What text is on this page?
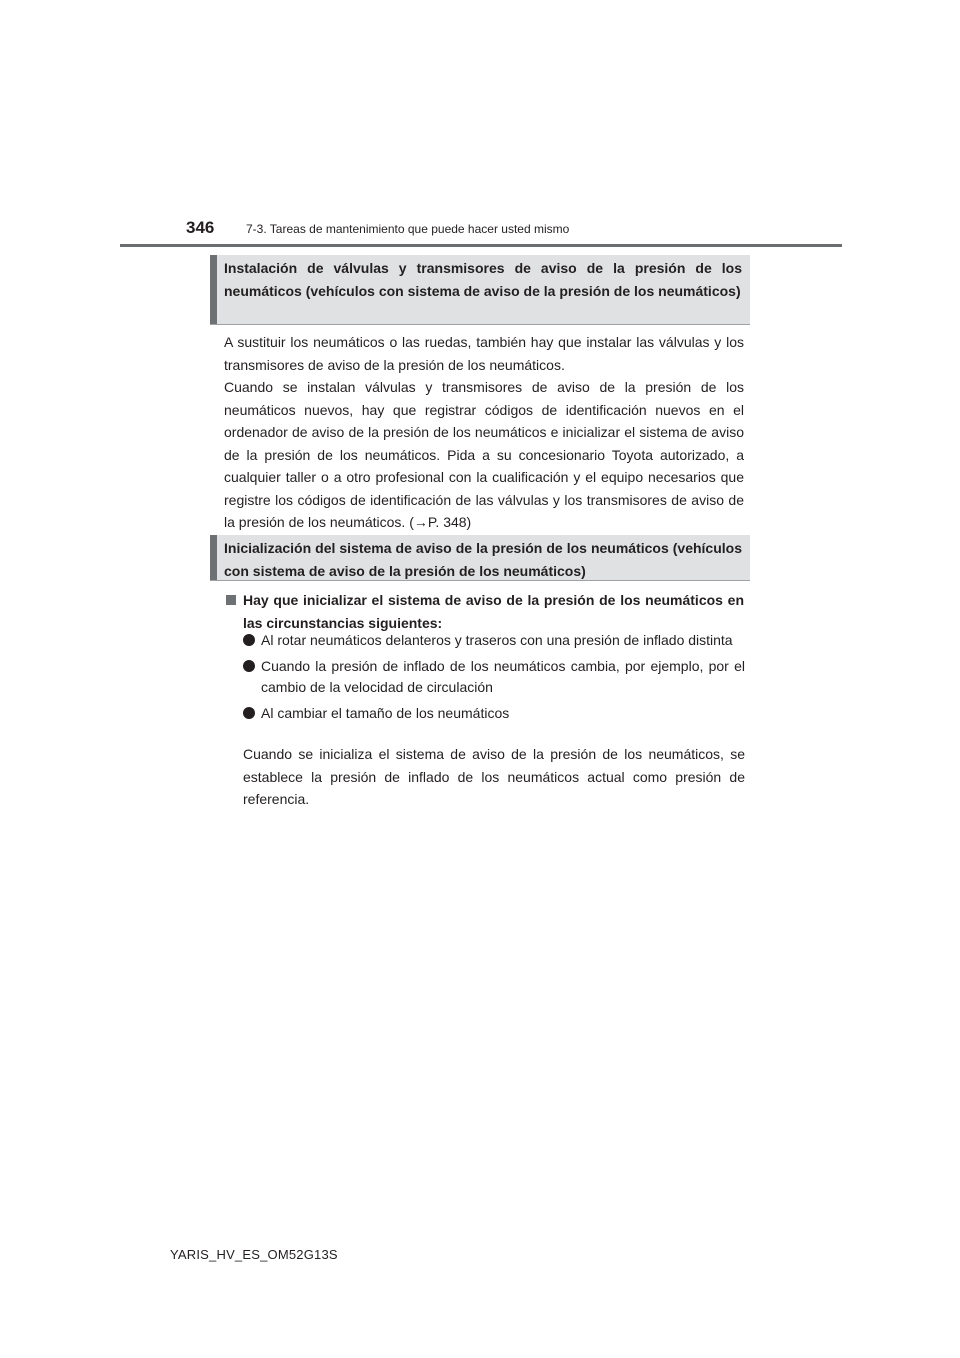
346	7-3. Tareas de mantenimiento que puede hacer usted mismo

Instalación de válvulas y transmisores de aviso de la presión de los neumáticos (vehículos con sistema de aviso de la presión de los neumáticos)

A sustituir los neumáticos o las ruedas, también hay que instalar las válvulas y los transmisores de aviso de la presión de los neumáticos.

Cuando se instalan válvulas y transmisores de aviso de la presión de los neumáticos nuevos, hay que registrar códigos de identificación nuevos en el ordenador de aviso de la presión de los neumáticos e inicializar el sistema de aviso de la presión de los neumáticos. Pida a su concesionario Toyota autorizado, a cualquier taller o a otro profesional con la cualificación y el equipo necesarios que registre los códigos de identificación de las válvulas y los transmisores de aviso de la presión de los neumáticos. (→P. 348)

Inicialización del sistema de aviso de la presión de los neumáticos (vehículos con sistema de aviso de la presión de los neumáticos)

Hay que inicializar el sistema de aviso de la presión de los neumáticos en las circunstancias siguientes:
Al rotar neumáticos delanteros y traseros con una presión de inflado distinta
Cuando la presión de inflado de los neumáticos cambia, por ejemplo, por el cambio de la velocidad de circulación
Al cambiar el tamaño de los neumáticos

Cuando se inicializa el sistema de aviso de la presión de los neumáticos, se establece la presión de inflado de los neumáticos actual como presión de referencia.

YARIS_HV_ES_OM52G13S
